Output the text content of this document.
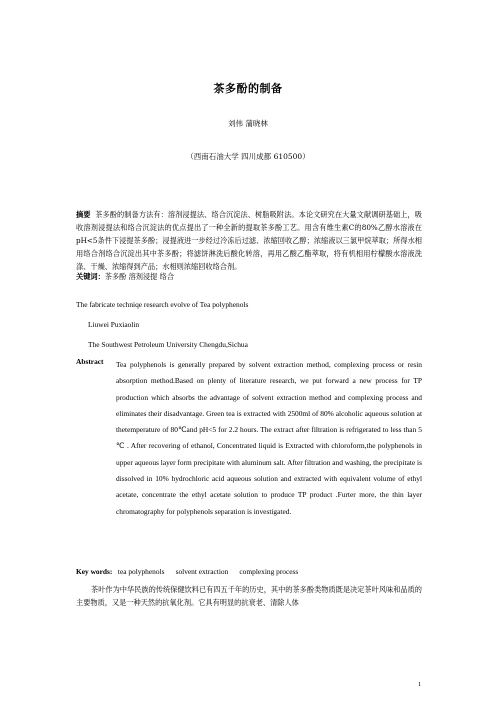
茶多酚的制备
刘伟 蒲晓林
（西南石油大学 四川成都 610500）
摘要 茶多酚的制备方法有：溶剂浸提法、络合沉淀法、树脂吸附法。本论文研究在大量文献调研基础上，吸收溶剂浸提法和络合沉淀法的优点提出了一种全新的提取茶多酚工艺。用含有维生素C的80%乙醇水溶液在pH<5条件下浸提茶多酚；浸提液进一步经过冷冻后过滤、浓缩回收乙醇；浓缩液以三氯甲烷萃取；所得水相用络合剂络合沉淀出其中茶多酚；将滤饼淋洗后酸化转溶，再用乙酸乙酯萃取，将有机相用柠檬酸水溶液洗涤、干燥、浓缩得到产品；水相则浓缩回收络合剂。
关键词：茶多酚 溶剂浸提 络合
The fabricate techniqe research evolve of Tea polyphenols
Liuwei Puxiaolin
The Southwest Petroleum University Chengdu,Sichua
Abstract Tea polyphenols is generally prepared by solvent extraction method, complexing process or resin absorption method.Based on plenty of literature research, we put forward a new process for TP production which absorbs the advantage of solvent extraction method and complexing process and eliminates their disadvantage. Green tea is extracted with 2500ml of 80% alcoholic aqueous solution at thetemperature of 80℃and pH<5 for 2.2 hours. The extract after filtration is refrigerated to less than 5 ℃ . After recovering of ethanol, Concentrated liquid is Extracted with chloroform,the polyphenols in upper aqueous layer form precipitate with aluminum salt. After filtration and washing, the precipitate is dissolved in 10% hydrochloric acid aqueous solution and extracted with equivalent volume of ethyl acetate, concentrate the ethyl acetate solution to produce TP product .Furter more, the thin layer chromatography for polyphenols separation is investigated.
Key words:   tea polyphenols      solvent extraction      complexing process
茶叶作为中华民族的传统保健饮料已有四五千年的历史，其中的茶多酚类物质既是决定茶叶风味和品质的主要物质，又是一种天然的抗氧化剂。它具有明显的抗衰老、清除人体
1
